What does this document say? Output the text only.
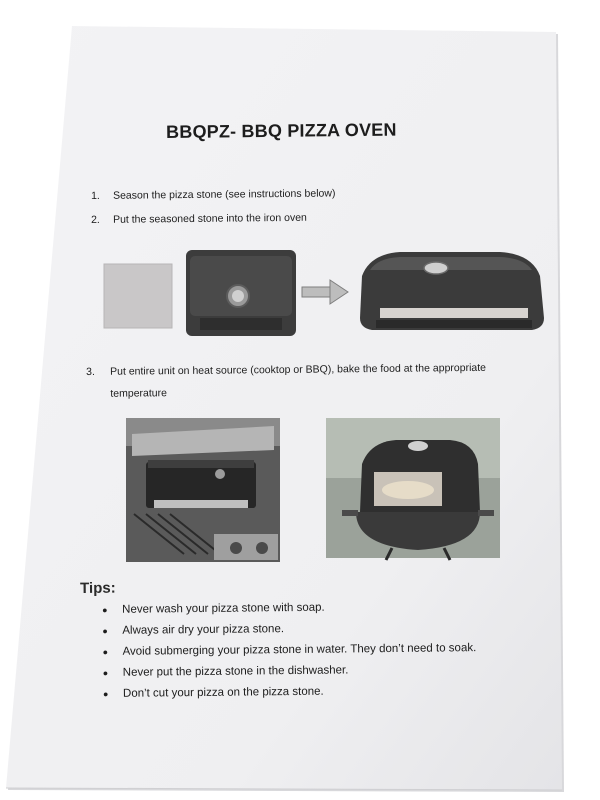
BBQPZ- BBQ PIZZA OVEN
1. Season the pizza stone (see instructions below)
2. Put the seasoned stone into the iron oven
3. Put entire unit on heat source (cooktop or BBQ), bake the food at the appropriate
temperature
Tips:
● Never wash your pizza stone with soap.
● Always air dry your pizza stone.
● Avoid submerging your pizza stone in water. They don’t need to soak.
● Never put the pizza stone in the dishwasher.
● Don’t cut your pizza on the pizza stone.
